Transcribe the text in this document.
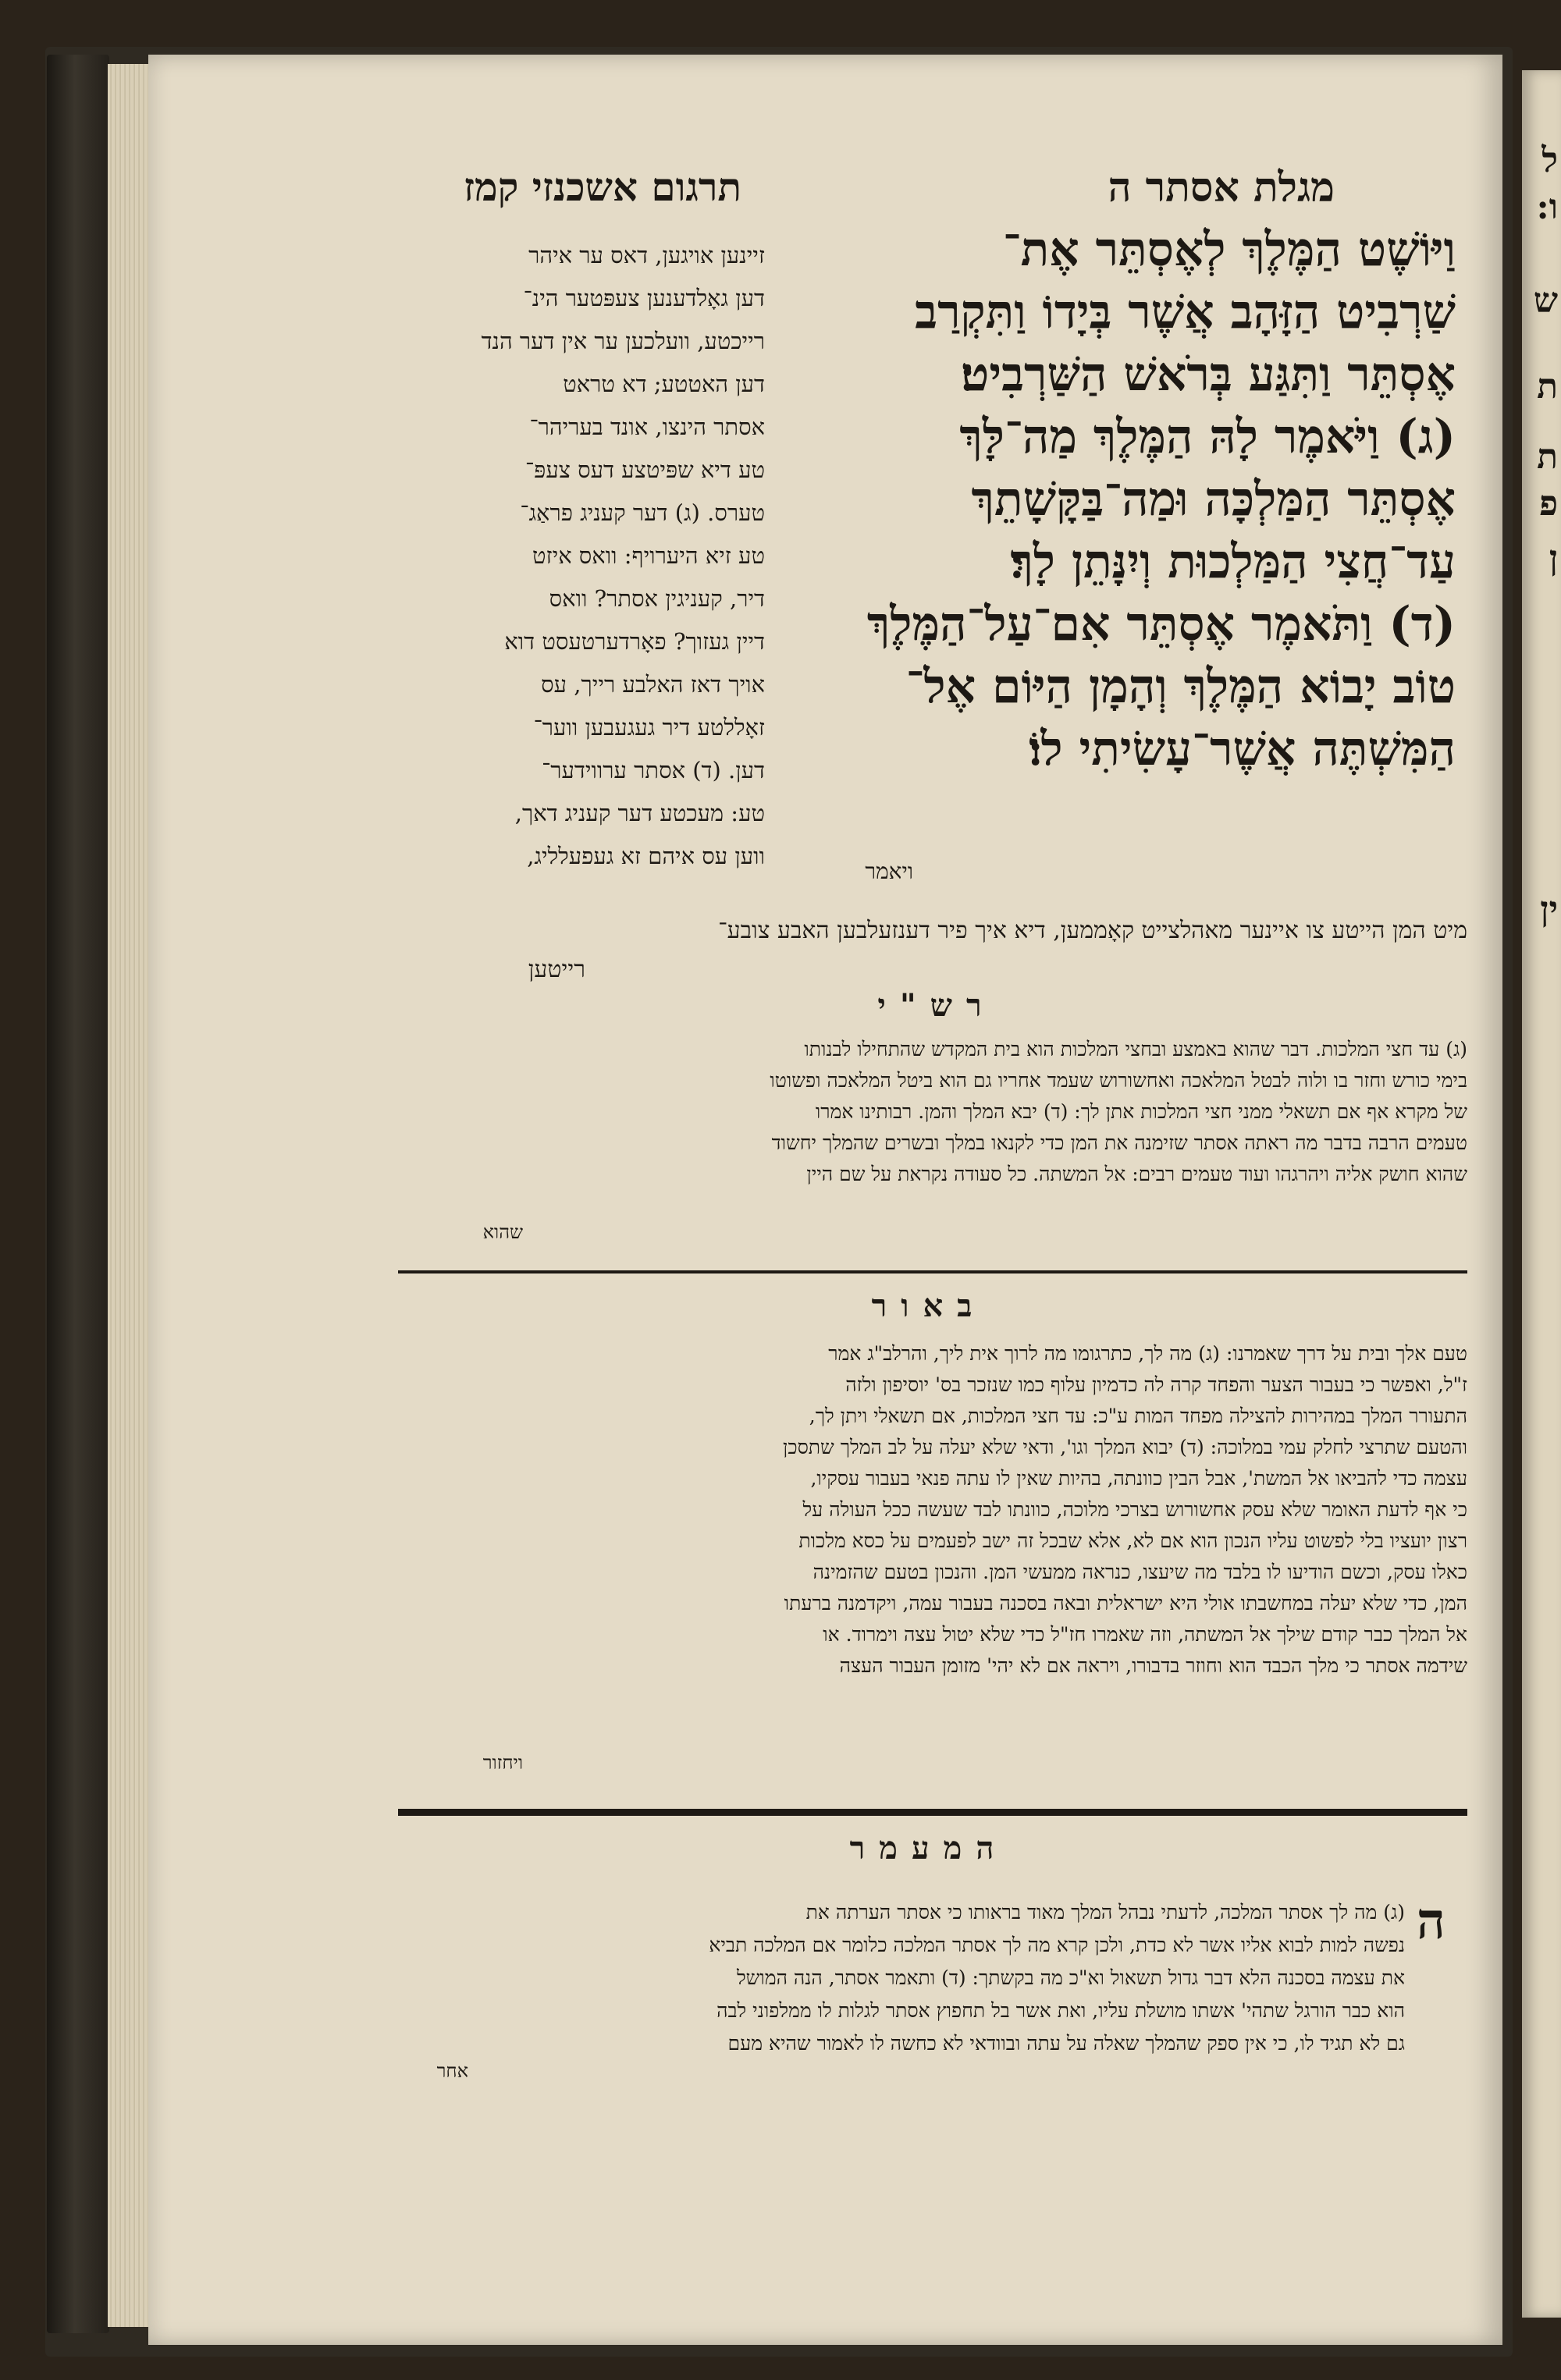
ל
ו:
ש
ת
ת
פ
ן
ין
תרגום אשכנזי קמז	מגלת אסתר ה
זיינען אויגען, דאס ער איהר
דען גאָלדענען צעפּטער הינ־
רייכטע, וועלכען ער אין דער הנד
דען האטטע; דא טראט
אסתר הינצו, אונד בעריהר־
טע דיא שפּיטצע דעס צעפּ־
טערס. (ג) דער קעניג פראַג־
טע זיא היערויף: וואס איזט
דיר, קעניגין אסתר? וואס
דיין געזוך? פאָרדערטעסט דוא
אויך דאז האלבע רייך, עס
זאָללטע דיר געגעבען ווער־
דען. (ד) אסתר ערווידער־
טע: מעכטע דער קעניג דאך,
ווען עס איהם זא געפעלליג,
וַיּוֹשֶׁט הַמֶּלֶךְ לְאֶסְתֵּר אֶת־
שַׁרְבִיט הַזָּהָב אֲשֶׁר בְּיָדוֹ וַתִּקְרַב
אֶסְתֵּר וַתִּגַּע בְּרֹאשׁ הַשַּׁרְבִיט׃
(ג) וַיֹּאמֶר לָהּ הַמֶּלֶךְ מַה־לָּךְ
אֶסְתֵּר הַמַּלְכָּה וּמַה־בַּקָּשָׁתֵךְ
עַד־חֲצִי הַמַּלְכוּת וְיִנָּתֵן לָךְ׃
(ד) וַתֹּאמֶר אֶסְתֵּר אִם־עַל־הַמֶּלֶךְ
טוֹב יָבוֹא הַמֶּלֶךְ וְהָמָן הַיּוֹם אֶל־
הַמִּשְׁתֶּה אֲשֶׁר־עָשִׂיתִי לוֹ׃
ויאמר
מיט המן הייטע צו איינער מאהלצייט קאָממען, דיא איך פיר דענזעלבען האבע צובע־
רייטען
רש"י
(ג) עד חצי המלכות. דבר שהוא באמצע ובחצי המלכות הוא בית המקדש שהתחילו לבנותו
בימי כורש וחזר בו ולוה לבטל המלאכה ואחשורוש שעמד אחריו גם הוא ביטל המלאכה ופשוטו
של מקרא אף אם תשאלי ממני חצי המלכות אתן לך: (ד) יבא המלך והמן. רבותינו אמרו
טעמים הרבה בדבר מה ראתה אסתר שזימנה את המן כדי לקנאו במלך ובשרים שהמלך יחשוד
שהוא חושק אליה ויהרגהו ועוד טעמים רבים: אל המשתה. כל סעודה נקראת על שם היין
שהוא
באור
טעם אלך ובית על דרך שאמרנו: (ג) מה לך, כתרגומו מה לרוך אית ליך, והרלב"ג אמר
ז"ל, ואפשר כי בעבור הצער והפחד קרה לה כדמיון עלוף כמו שנזכר בס' יוסיפון ולזה
התעורר המלך במהירות להצילה מפחד המות ע"כ: עד חצי המלכות, אם תשאלי ויתן לך,
והטעם שתרצי לחלק עמי במלוכה: (ד) יבוא המלך וגו', ודאי שלא יעלה על לב המלך שתסכן
עצמה כדי להביאו אל המשת', אבל הבין כוונתה, בהיות שאין לו עתה פנאי בעבור עסקיו,
כי אף לדעת האומר שלא עסק אחשורוש בצרכי מלוכה, כוונתו לבד שעשה ככל העולה על
רצון יועציו בלי לפשוט עליו הנכון הוא אם לא, אלא שבכל זה ישב לפעמים על כסא מלכות
כאלו עסק, וכשם הודיעו לו בלבד מה שיעצו, כנראה ממעשי המן. והנכון בטעם שהזמינה
המן, כדי שלא יעלה במחשבתו אולי היא ישראלית ובאה בסכנה בעבור עמה, ויקדמנה ברעתו
אל המלך כבר קודם שילך אל המשתה, וזה שאמרו חז"ל כדי שלא יטול עצה וימרוד. או
שידמה אסתר כי מלך הכבד הוא וחוזר בדבורו, ויראה אם לא יהי' מזומן העבור העצה
ויחזור
המעמר
ה
(ג) מה לך אסתר המלכה, לדעתי נבהל המלך מאוד בראותו כי אסתר הערתה את
נפשה למות לבוא אליו אשר לא כדת, ולכן קרא מה לך אסתר המלכה כלומר אם המלכה תביא
את עצמה בסכנה הלא דבר גדול תשאול וא"כ מה בקשתך: (ד) ותאמר אסתר, הנה המושל
הוא כבר הורגל שתהי' אשתו מושלת עליו, ואת אשר בל תחפוץ אסתר לגלות לו ממלפוני לבה
גם לא תגיד לו, כי אין ספק שהמלך שאלה על עתה ובוודאי לא כחשה לו לאמור שהיא מעם
אחר
